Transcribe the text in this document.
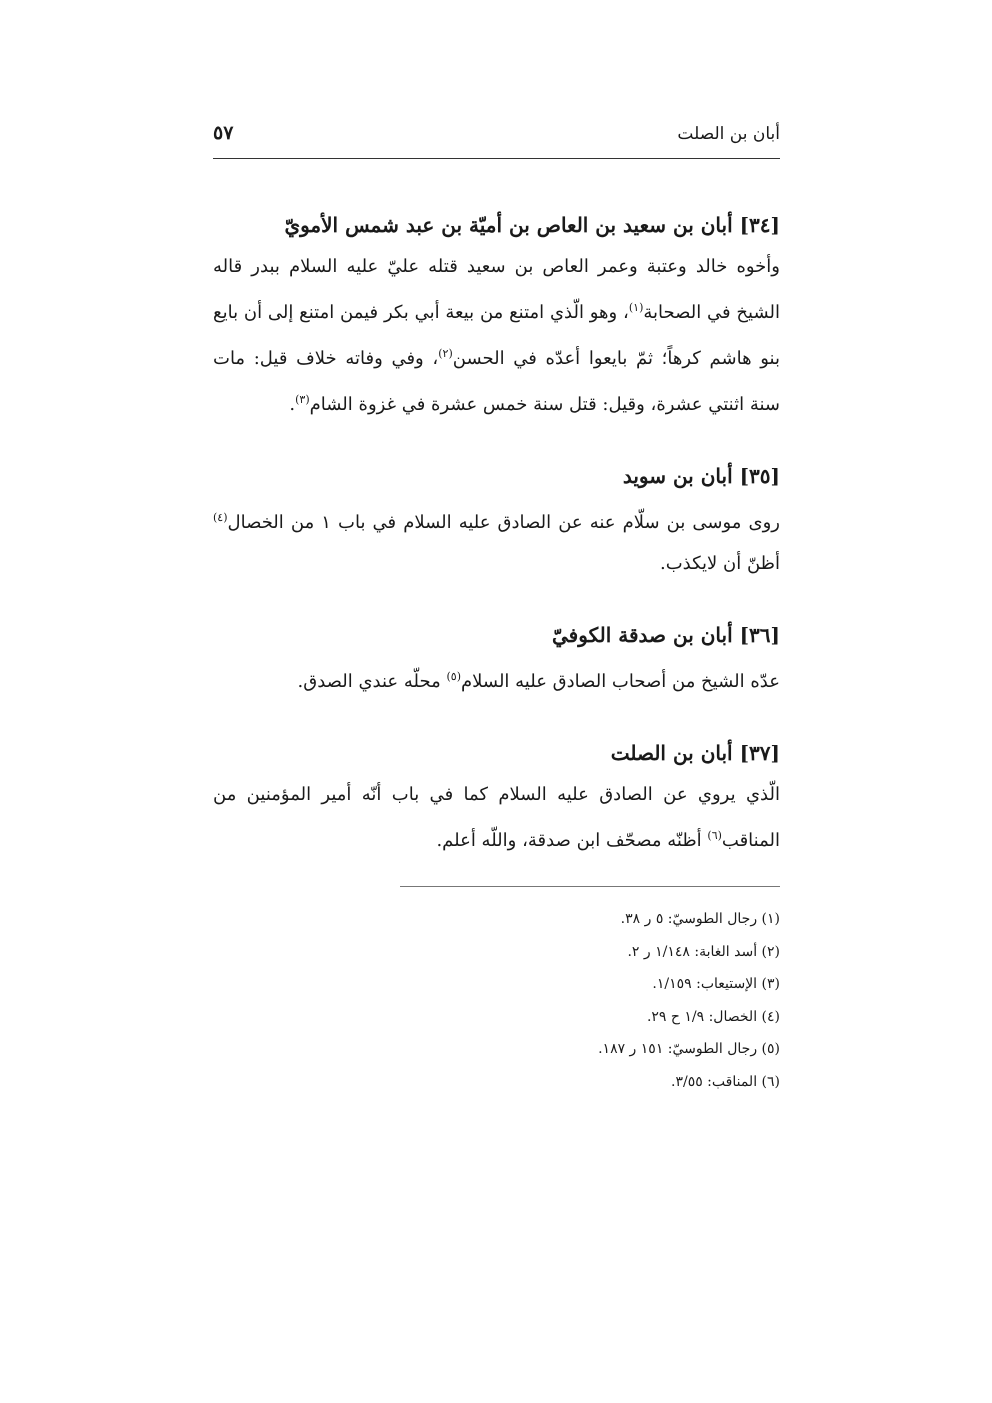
أبان بن الصلت
٥٧
[٣٤] أبان بن سعيد بن العاص بن أميّة بن عبد شمس الأمويّ

وأخوه خالد وعتبة وعمر العاص بن سعيد قتله عليّ عليه السلام ببدر قاله الشيخ في الصحابة$^{(١)}$، وهو الّذي امتنع من بيعة أبي بكر فيمن امتنع إلى أن بايع بنو هاشم كرهاً؛ ثمّ بايعوا أعدّه في الحسن$^{(٢)}$، وفي وفاته خلاف قيل: مات سنة اثنتي عشرة، وقيل: قتل سنة خمس عشرة في غزوة الشام$^{(٣)}$.

[٣٥] أبان بن سويد

روى موسى بن سلّام عنه عن الصادق عليه السلام في باب ١ من الخصال$^{(٤)}$ أظنّ أن لايكذب.

[٣٦] أبان بن صدقة الكوفيّ

عدّه الشيخ من أصحاب الصادق عليه السلام$^{(٥)}$ محلّه عندي الصدق.

[٣٧] أبان بن الصلت

الّذي يروي عن الصادق عليه السلام كما في باب أنّه أمير المؤمنين من المناقب$^{(٦)}$ أظنّه مصحّف ابن صدقة، واللّه أعلم.

(١) رجال الطوسيّ: ٥ ر ٣٨.
(٢) أسد الغابة: ١/١٤٨ ر ٢.
(٣) الإستيعاب: ١/١٥٩.
(٤) الخصال: ١/٩ ح ٢٩.
(٥) رجال الطوسيّ: ١٥١ ر ١٨٧.
(٦) المناقب: ٣/٥٥.
